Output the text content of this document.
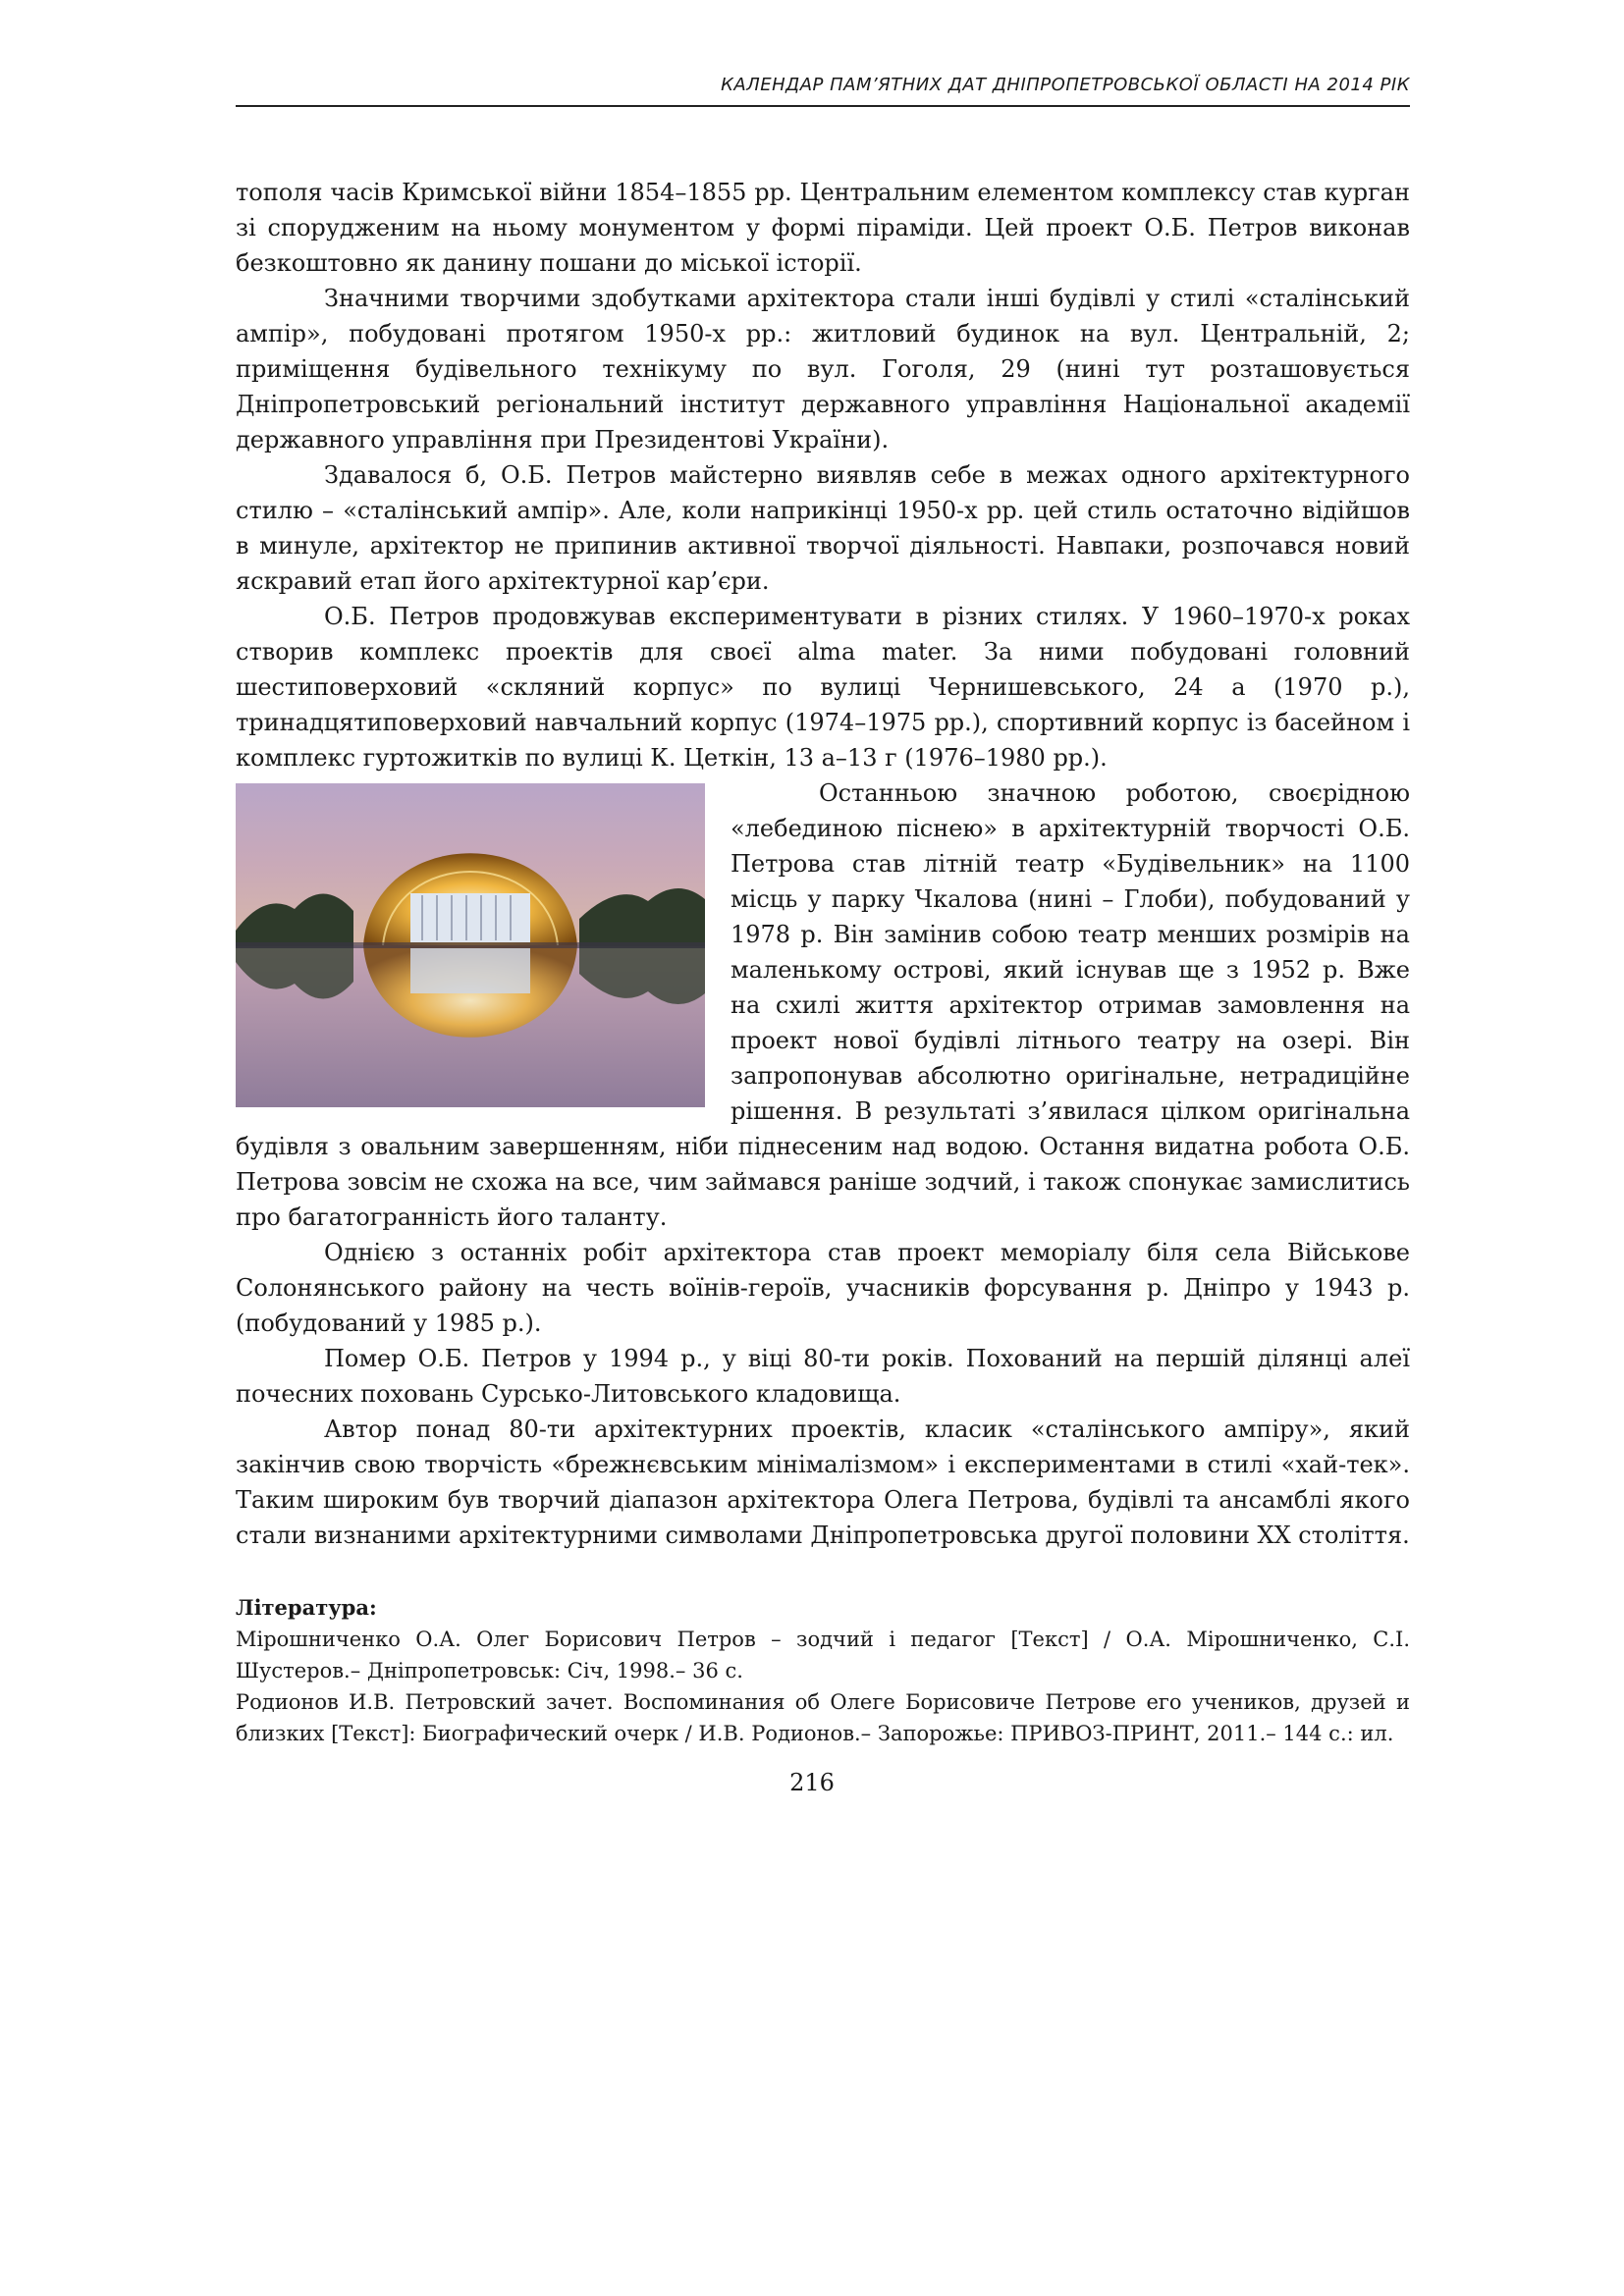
КАЛЕНДАР ПАМ’ЯТНИХ ДАТ ДНІПРОПЕТРОВСЬКОЇ ОБЛАСТІ НА 2014 РІК

тополя часів Кримської війни 1854–1855 рр. Центральним елементом комплексу став курган зі спорудженим на ньому монументом у формі піраміди. Цей проект О.Б. Петров виконав безкоштовно як данину пошани до міської історії.

Значними творчими здобутками архітектора стали інші будівлі у стилі «сталінський ампір», побудовані протягом 1950-х рр.: житловий будинок на вул. Центральній, 2; приміщення будівельного технікуму по вул. Гоголя, 29 (нині тут розташовується Дніпропетровський регіональний інститут державного управління Національної академії державного управління при Президентові України).

Здавалося б, О.Б. Петров майстерно виявляв себе в межах одного архітектурного стилю – «сталінський ампір». Але, коли наприкінці 1950-х рр. цей стиль остаточно відійшов в минуле, архітектор не припинив активної творчої діяльності. Навпаки, розпочався новий яскравий етап його архітектурної кар’єри.

О.Б. Петров продовжував експериментувати в різних стилях. У 1960–1970-х роках створив комплекс проектів для своєї alma mater. За ними побудовані головний шестиповерховий «скляний корпус» по вулиці Чернишевського, 24 а (1970 р.), тринадцятиповерховий навчальний корпус (1974–1975 рр.), спортивний корпус із басейном і комплекс гуртожитків по вулиці К. Цеткін, 13 а–13 г (1976–1980 рр.).

Останньою значною роботою, своєрідною «лебединою піснею» в архітектурній творчості О.Б. Петрова став літній театр «Будівельник» на 1100 місць у парку Чкалова (нині – Глоби), побудований у 1978 р. Він замінив собою театр менших розмірів на маленькому острові, який існував ще з 1952 р. Вже на схилі життя архітектор отримав замовлення на проект нової будівлі літнього театру на озері. Він запропонував абсолютно оригінальне, нетрадиційне рішення. В результаті з’явилася цілком оригінальна будівля з овальним завершенням, ніби піднесеним над водою. Остання видатна робота О.Б. Петрова зовсім не схожа на все, чим займався раніше зодчий, і також спонукає замислитись про багатогранність його таланту.

Однією з останніх робіт архітектора став проект меморіалу біля села Військове Солонянського району на честь воїнів-героїв, учасників форсування р. Дніпро у 1943 р. (побудований у 1985 р.).

Помер О.Б. Петров у 1994 р., у віці 80-ти років. Похований на першій ділянці алеї почесних поховань Сурсько-Литовського кладовища.

Автор понад 80-ти архітектурних проектів, класик «сталінського ампіру», який закінчив свою творчість «брежнєвським мінімалізмом» і експериментами в стилі «хай-тек». Таким широким був творчий діапазон архітектора Олега Петрова, будівлі та ансамблі якого стали визнаними архітектурними символами Дніпропетровська другої половини ХХ століття.

Література:

Мірошниченко О.А. Олег Борисович Петров – зодчий і педагог [Текст] / О.А. Мірошниченко, С.І. Шустеров.– Дніпропетровськ: Січ, 1998.– 36 с.

Родионов И.В. Петровский зачет. Воспоминания об Олеге Борисовиче Петрове его учеников, друзей и близких [Текст]: Биографический очерк / И.В. Родионов.– Запорожье: ПРИВОЗ-ПРИНТ, 2011.– 144 с.: ил.

216
